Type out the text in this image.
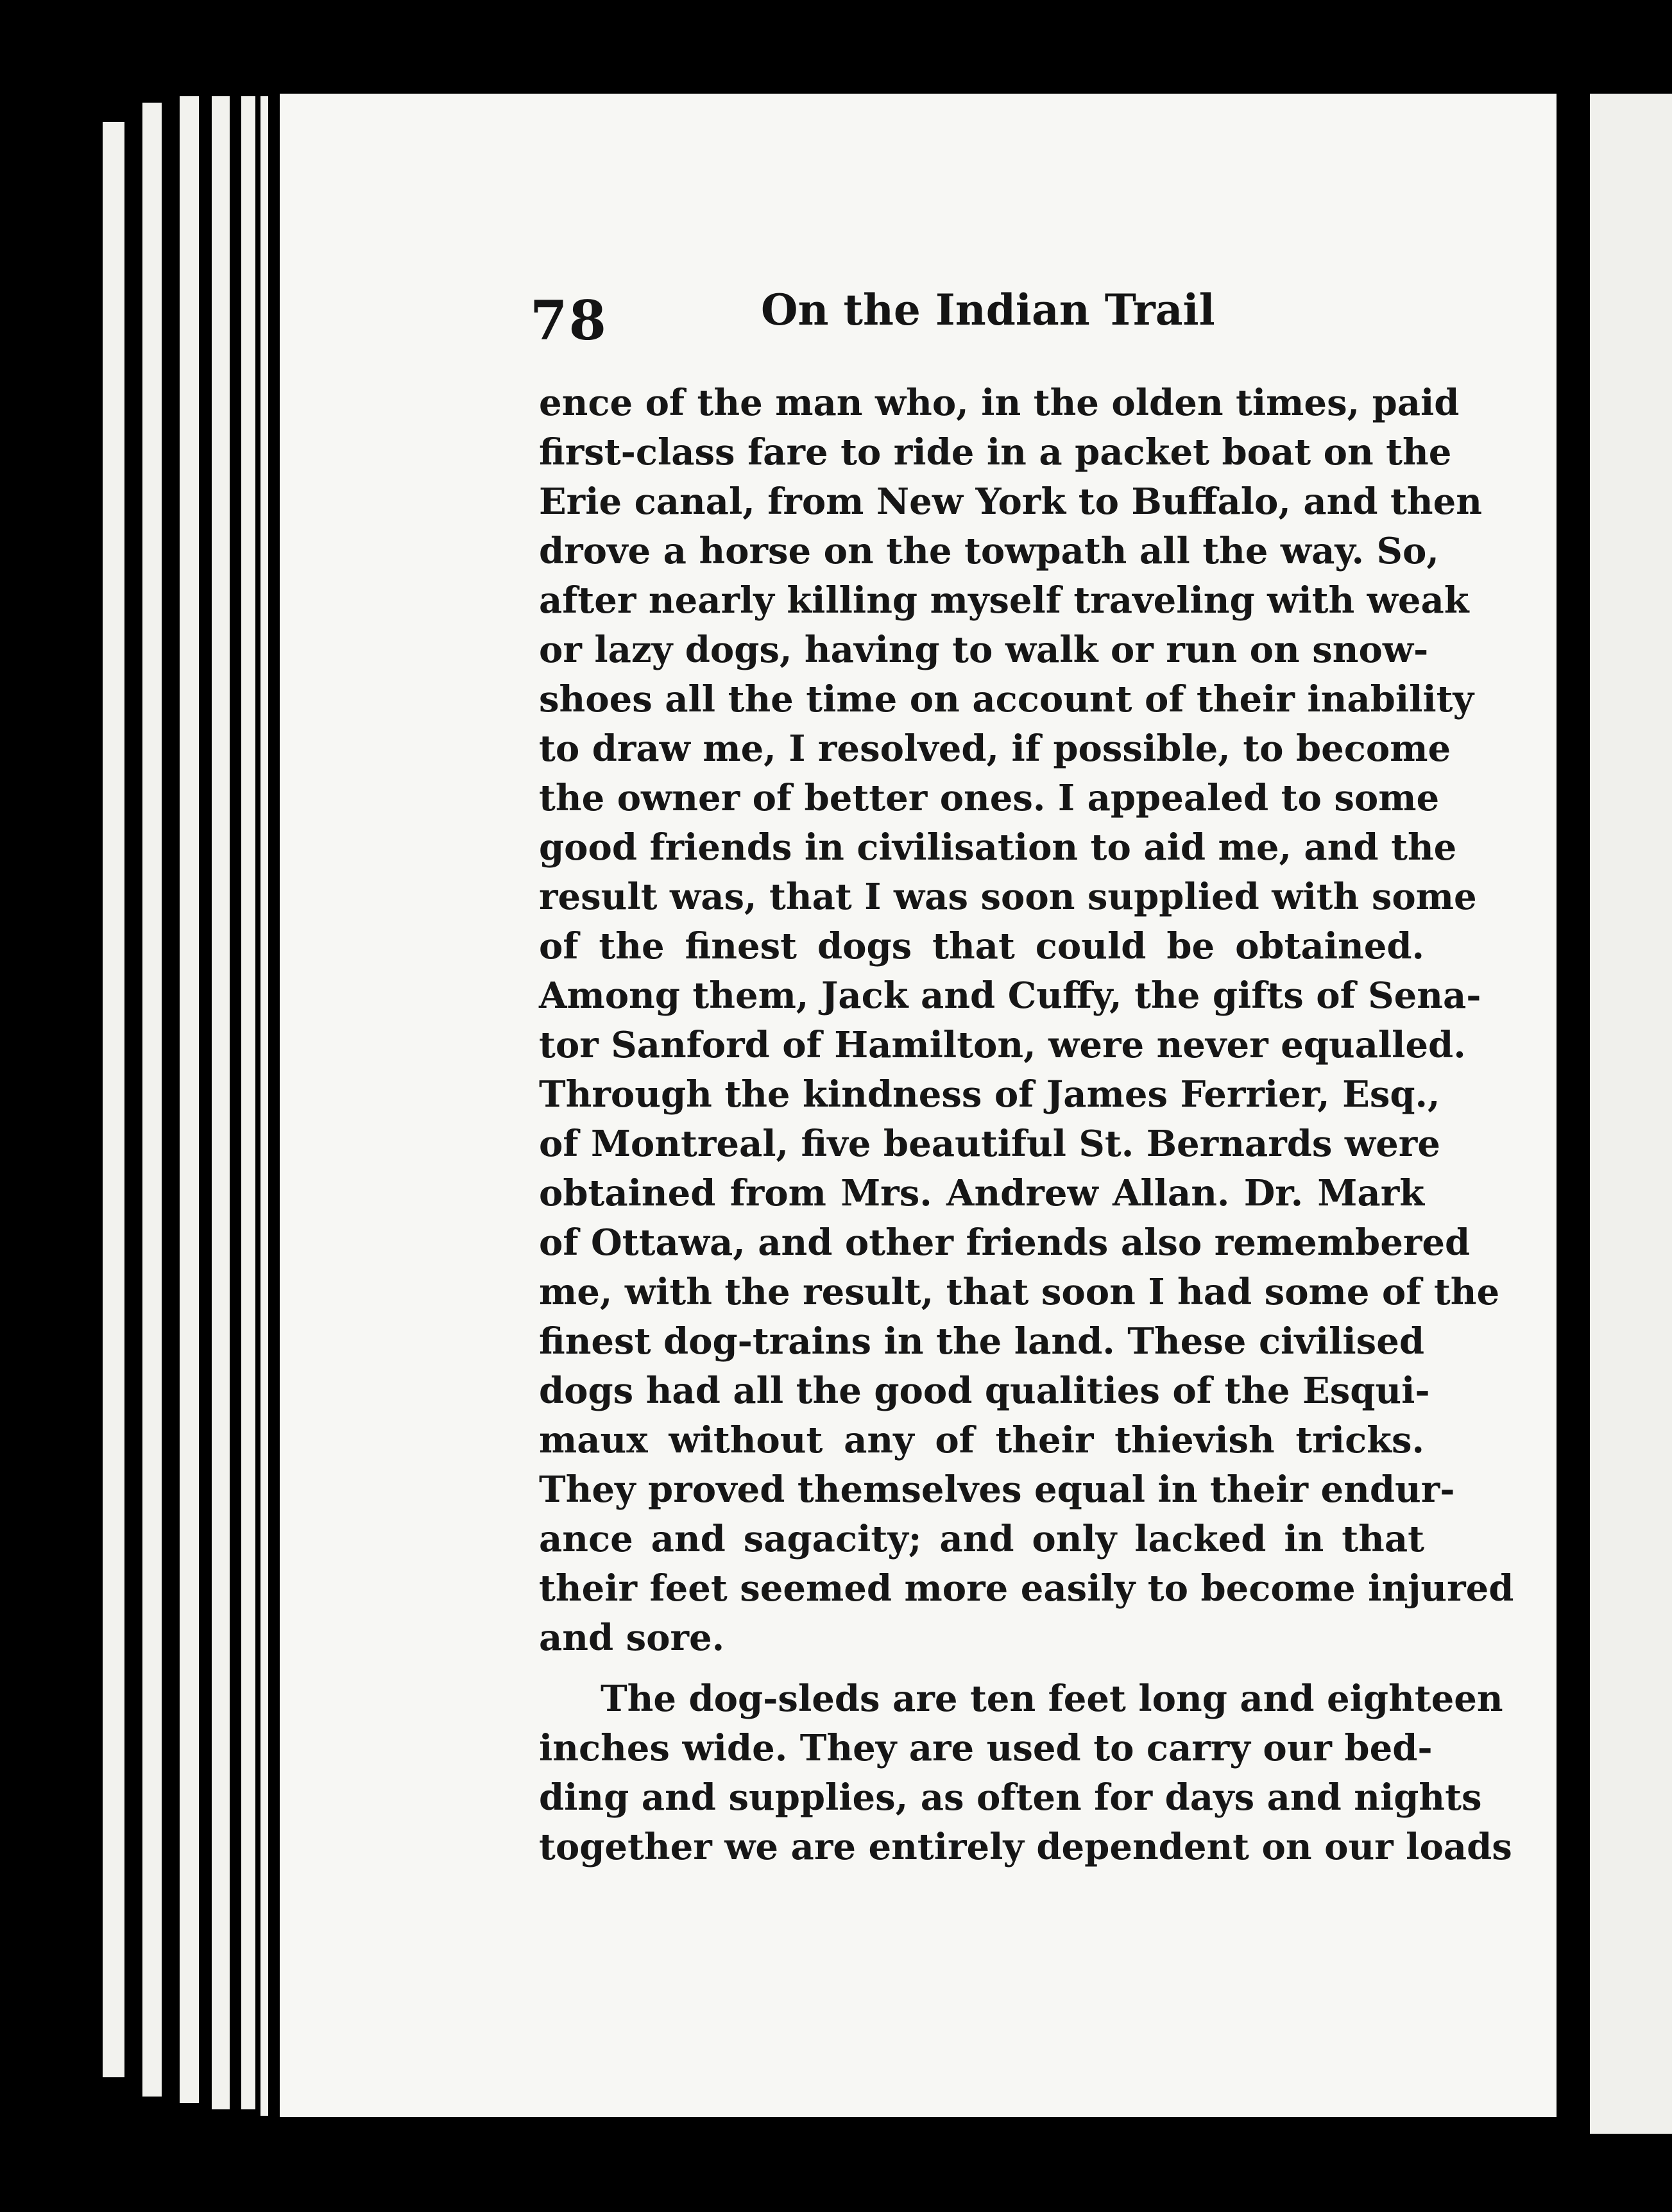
78	On the Indian Trail
ence of the man who, in the olden times, paid
first-class fare to ride in a packet boat on the
Erie canal, from New York to Buffalo, and then
drove a horse on the towpath all the way. So,
after nearly killing myself traveling with weak
or lazy dogs, having to walk or run on snow-
shoes all the time on account of their inability
to draw me, I resolved, if possible, to become
the owner of better ones. I appealed to some
good friends in civilisation to aid me, and the
result was, that I was soon supplied with some
of the finest dogs that could be obtained.
Among them, Jack and Cuffy, the gifts of Sena-
tor Sanford of Hamilton, were never equalled.
Through the kindness of James Ferrier, Esq.,
of Montreal, five beautiful St. Bernards were
obtained from Mrs. Andrew Allan. Dr. Mark
of Ottawa, and other friends also remembered
me, with the result, that soon I had some of the
finest dog-trains in the land. These civilised
dogs had all the good qualities of the Esqui-
maux without any of their thievish tricks.
They proved themselves equal in their endur-
ance and sagacity; and only lacked in that
their feet seemed more easily to become injured
and sore.
The dog-sleds are ten feet long and eighteen
inches wide. They are used to carry our bed-
ding and supplies, as often for days and nights
together we are entirely dependent on our loads
